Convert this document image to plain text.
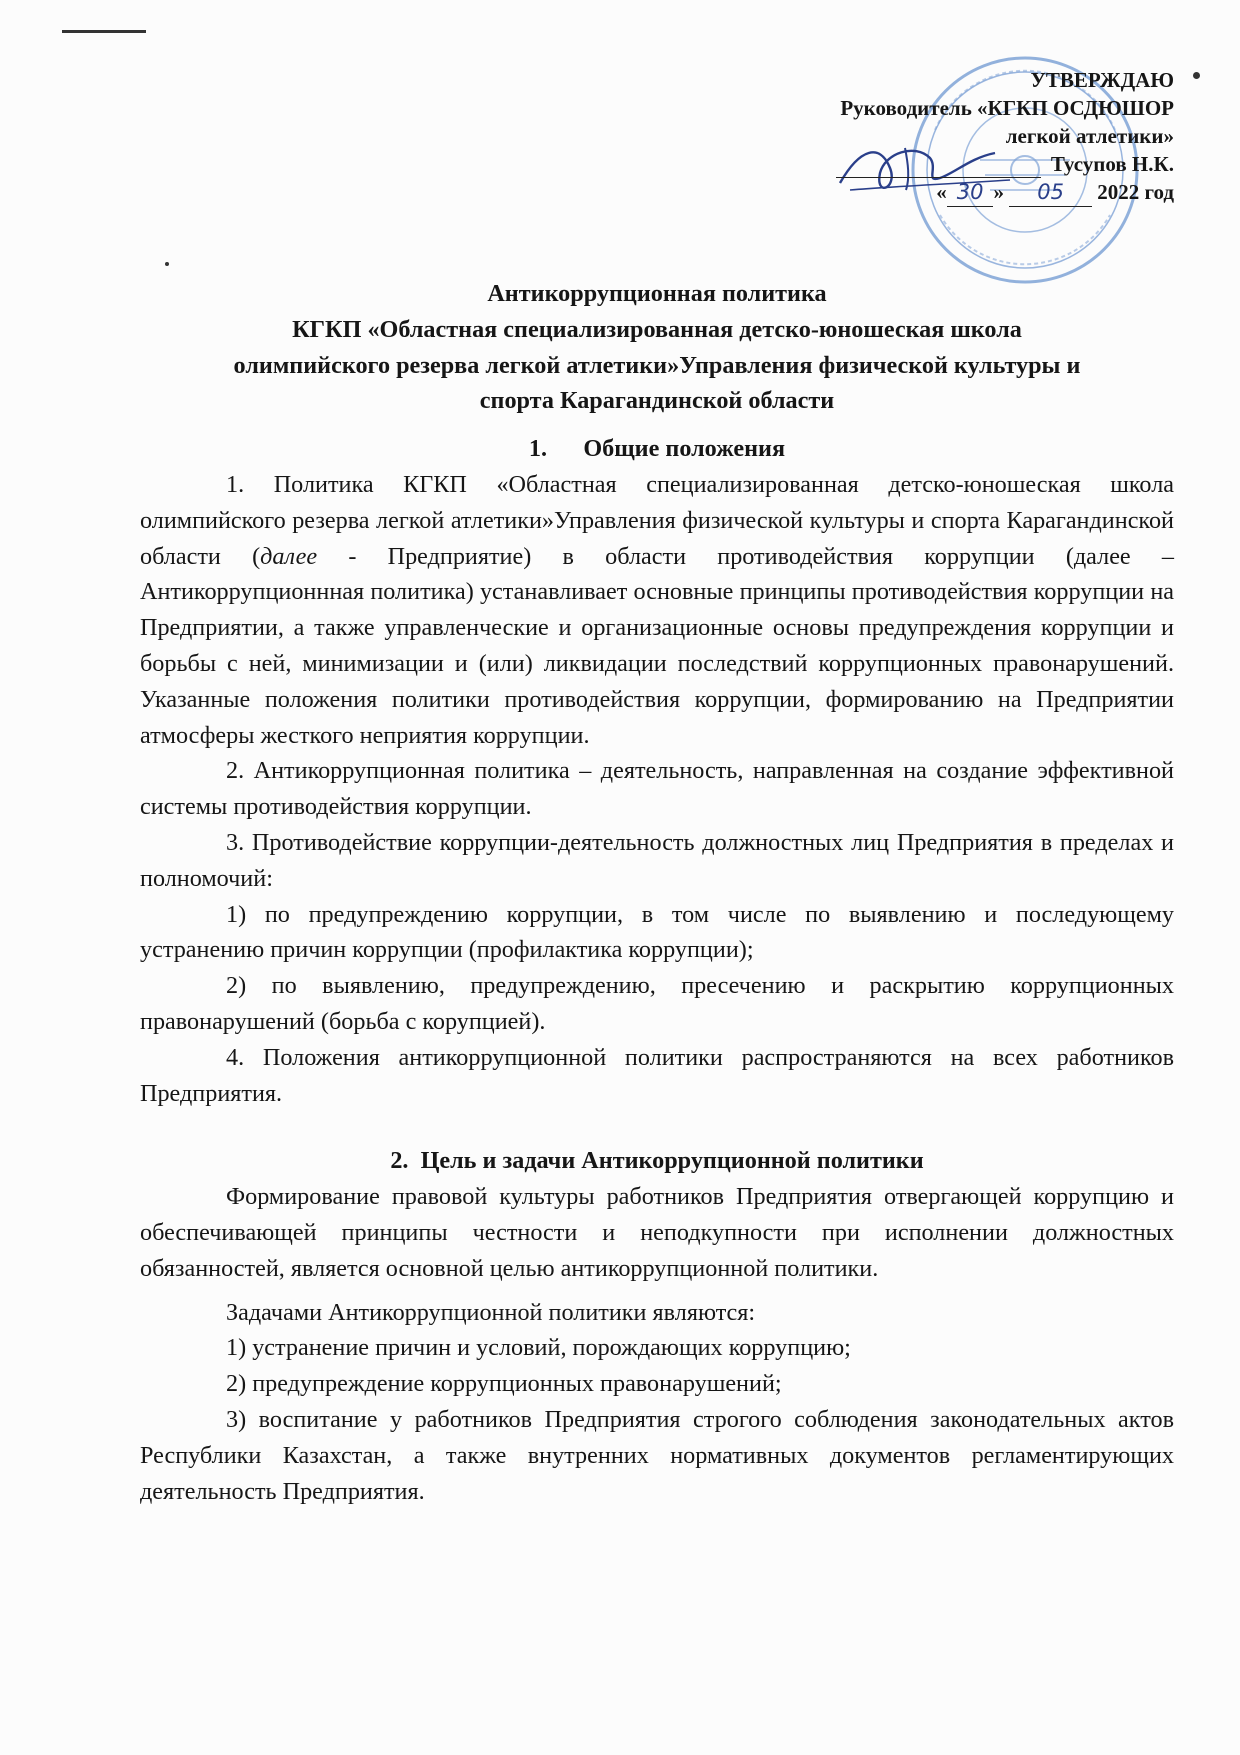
УТВЕРЖДАЮ
Руководитель «КГКП ОСДЮШОР
легкой атлетики»
Тусупов Н.К.
« 30 » 05 2022 год
Антикоррупционная политика
КГКП «Областная специализированная детско-юношеская школа
олимпийского резерва легкой атлетики»Управления физической культуры и
спорта Карагандинской области
1.      Общие положения
1. Политика КГКП «Областная специализированная детско-юношеская школа олимпийского резерва легкой атлетики»Управления физической культуры и спорта Карагандинской области (далее - Предприятие) в области противодействия коррупции (далее – Антикоррупционнная политика) устанавливает основные принципы противодействия коррупции на Предприятии, а также управленческие и организационные основы предупреждения коррупции и борьбы с ней, минимизации и (или) ликвидации последствий коррупционных правонарушений. Указанные положения политики противодействия коррупции, формированию на Предприятии атмосферы жесткого неприятия коррупции.
2. Антикоррупционная политика – деятельность, направленная на создание эффективной системы противодействия коррупции.
3. Противодействие коррупции-деятельность должностных лиц Предприятия в пределах и полномочий:
1) по предупреждению коррупции, в том числе по выявлению и последующему устранению причин коррупции (профилактика коррупции);
2) по выявлению, предупреждению, пресечению и раскрытию коррупционных правонарушений (борьба с корупцией).
4. Положения антикоррупционной политики распространяются на всех работников Предприятия.
2.  Цель и задачи Антикоррупционной политики
Формирование правовой культуры работников Предприятия отвергающей коррупцию и обеспечивающей принципы честности и неподкупности при исполнении должностных обязанностей, является основной целью антикоррупционной политики.
Задачами Антикоррупционной политики являются:
1) устранение причин и условий, порождающих коррупцию;
2) предупреждение коррупционных правонарушений;
3) воспитание у работников Предприятия строгого соблюдения законодательных актов Республики Казахстан, а также внутренних нормативных документов регламентирующих деятельность Предприятия.
